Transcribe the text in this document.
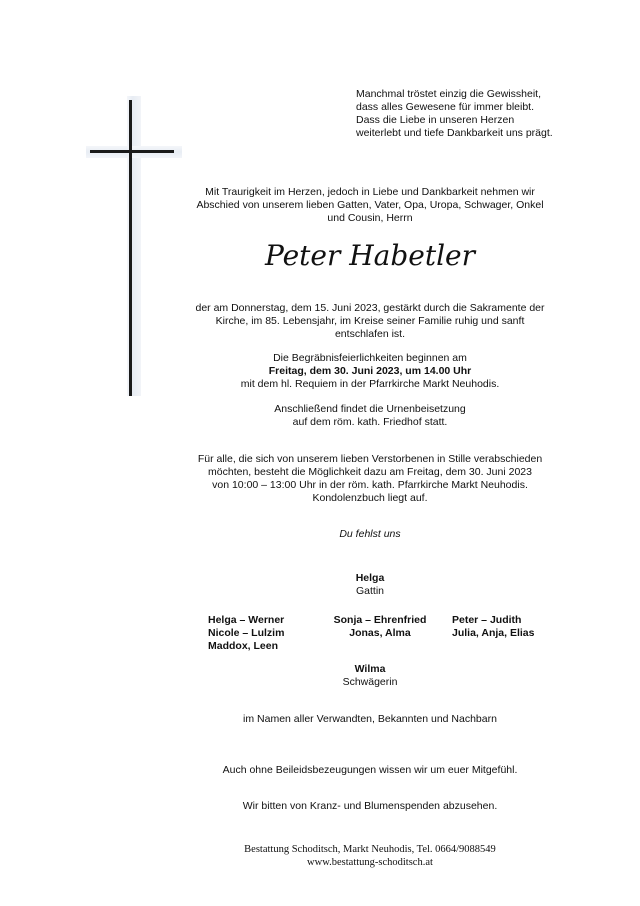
Manchmal tröstet einzig die Gewissheit,
dass alles Gewesene für immer bleibt.
Dass die Liebe in unseren Herzen
weiterlebt und tiefe Dankbarkeit uns prägt.
Mit Traurigkeit im Herzen, jedoch in Liebe und Dankbarkeit nehmen wir
Abschied von unserem lieben Gatten, Vater, Opa, Uropa, Schwager, Onkel
und Cousin, Herrn
Peter Habetler
der am Donnerstag, dem 15. Juni 2023, gestärkt durch die Sakramente der
Kirche, im 85. Lebensjahr, im Kreise seiner Familie ruhig und sanft
entschlafen ist.
Die Begräbnisfeierlichkeiten beginnen am
Freitag, dem 30. Juni 2023, um 14.00 Uhr
mit dem hl. Requiem in der Pfarrkirche Markt Neuhodis.
Anschließend findet die Urnenbeisetzung
auf dem röm. kath. Friedhof statt.
Für alle, die sich von unserem lieben Verstorbenen in Stille verabschieden
möchten, besteht die Möglichkeit dazu am Freitag, dem 30. Juni 2023
von 10:00 – 13:00 Uhr in der röm. kath. Pfarrkirche Markt Neuhodis.
Kondolenzbuch liegt auf.
Du fehlst uns
Helga
Gattin
Helga – Werner
Nicole – Lulzim
Maddox, Leen
Sonja – Ehrenfried
Jonas, Alma
Peter – Judith
Julia, Anja, Elias
Wilma
Schwägerin
im Namen aller Verwandten, Bekannten und Nachbarn
Auch ohne Beileidsbezeugungen wissen wir um euer Mitgefühl.
Wir bitten von Kranz- und Blumenspenden abzusehen.
Bestattung Schoditsch, Markt Neuhodis, Tel. 0664/9088549
www.bestattung-schoditsch.at
